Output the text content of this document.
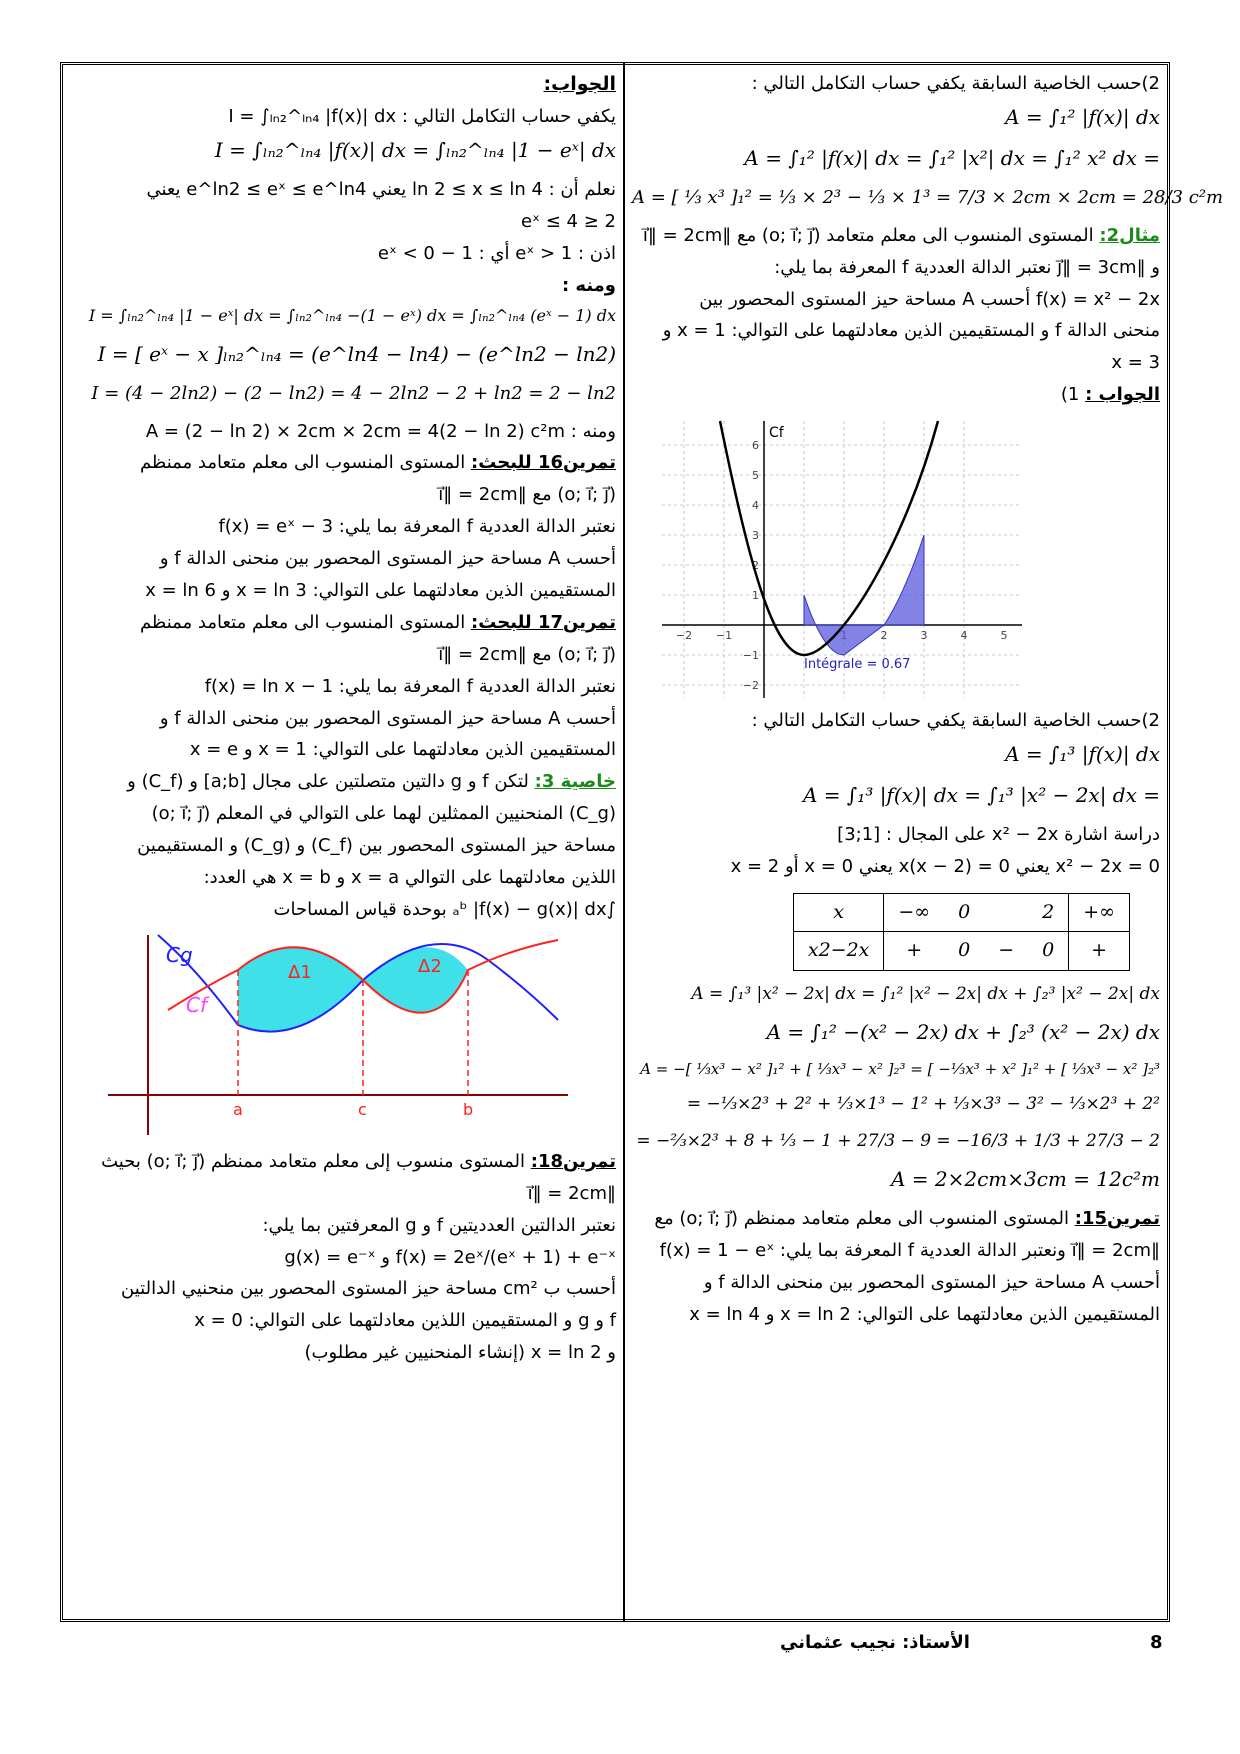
2)حسب الخاصية السابقة يكفي حساب التكامل التالي :

A = ∫₁² |f(x)| dx
A = ∫₁² |f(x)| dx = ∫₁² |x²| dx = ∫₁² x² dx =
A = [ ⅓ x³ ]₁² = ⅓ × 2³ − ⅓ × 1³ = 7/3 × 2cm × 2cm = 28/3 c²m

مثال2: المستوى المنسوب الى معلم متعامد (o; i⃗; j⃗) مع ‖i⃗‖ = 2cm

و ‖j⃗‖ = 3cm نعتبر الدالة العددية f المعرفة بما يلي:

f(x) = x² − 2x أحسب A مساحة حيز المستوى المحصور بين

منحنى الدالة f و المستقيمين الذين معادلتهما على التوالي: x = 1 و

x = 3

الجواب : 1)

−2 −1	2	3	4	5
6
5
4
3
2
1
−1
−2
Cf
Intégrale = 0.67

2)حسب الخاصية السابقة يكفي حساب التكامل التالي :

A = ∫₁³ |f(x)| dx
A = ∫₁³ |f(x)| dx = ∫₁³ |x² − 2x| dx =

دراسة اشارة x² − 2x على المجال : [1;3]

x² − 2x = 0 يعني x(x − 2) = 0 يعني x = 0 أو x = 2

x	−∞	0		2	+∞
x2−2x	+	0	−	0	+
A = ∫₁³ |x² − 2x| dx = ∫₁² |x² − 2x| dx + ∫₂³ |x² − 2x| dx
A = ∫₁² −(x² − 2x) dx + ∫₂³ (x² − 2x) dx
A = −[ ⅓x³ − x² ]₁² + [ ⅓x³ − x² ]₂³ = [ −⅓x³ + x² ]₁² + [ ⅓x³ − x² ]₂³
= −⅓×2³ + 2² + ⅓×1³ − 1² + ⅓×3³ − 3² − ⅓×2³ + 2²
= −⅔×2³ + 8 + ⅓ − 1 + 27/3 − 9 = −16/3 + 1/3 + 27/3 − 2
A = 2×2cm×3cm = 12c²m

تمرين15: المستوى المنسوب الى معلم متعامد ممنظم (o; i⃗; j⃗) مع

‖i⃗‖ = 2cm ونعتبر الدالة العددية f المعرفة بما يلي: f(x) = 1 − eˣ

أحسب A مساحة حيز المستوى المحصور بين منحنى الدالة f و

المستقيمين الذين معادلتهما على التوالي: x = ln 2 و x = ln 4

الجواب:

يكفي حساب التكامل التالي : I = ∫ₗₙ₂^ₗₙ₄ |f(x)| dx

I = ∫ₗₙ₂^ₗₙ₄ |f(x)| dx = ∫ₗₙ₂^ₗₙ₄ |1 − eˣ| dx

نعلم أن : ln 2 ≤ x ≤ ln 4 يعني e^ln2 ≤ eˣ ≤ e^ln4 يعني

2 ≤ eˣ ≤ 4

اذن : eˣ > 1 أي : 1 − eˣ < 0

ومنه :

I = ∫ₗₙ₂^ₗₙ₄ |1 − eˣ| dx = ∫ₗₙ₂^ₗₙ₄ −(1 − eˣ) dx = ∫ₗₙ₂^ₗₙ₄ (eˣ − 1) dx
I = [ eˣ − x ]ₗₙ₂^ₗₙ₄ = (e^ln4 − ln4) − (e^ln2 − ln2)
I = (4 − 2ln2) − (2 − ln2) = 4 − 2ln2 − 2 + ln2 = 2 − ln2

ومنه : A = (2 − ln 2) × 2cm × 2cm = 4(2 − ln 2) c²m

تمرين16 للبحث: المستوى المنسوب الى معلم متعامد ممنظم

(o; i⃗; j⃗) مع ‖i⃗‖ = 2cm

نعتبر الدالة العددية f المعرفة بما يلي: f(x) = eˣ − 3

أحسب A مساحة حيز المستوى المحصور بين منحنى الدالة f و

المستقيمين الذين معادلتهما على التوالي: x = ln 3 و x = ln 6

تمرين17 للبحث: المستوى المنسوب الى معلم متعامد ممنظم

(o; i⃗; j⃗) مع ‖i⃗‖ = 2cm

نعتبر الدالة العددية f المعرفة بما يلي: f(x) = ln x − 1

أحسب A مساحة حيز المستوى المحصور بين منحنى الدالة f و

المستقيمين الذين معادلتهما على التوالي: x = 1 و x = e

خاصية 3: لتكن f و g دالتين متصلتين على مجال [a;b] و (C_f) و

(C_g) المنحنيين الممثلين لهما على التوالي في المعلم (o; i⃗; j⃗)

مساحة حيز المستوى المحصور بين (C_f) و (C_g) و المستقيمين

اللذين معادلتهما على التوالي x = a و x = b هي العدد:

∫ₐᵇ |f(x) − g(x)| dx بوحدة قياس المساحات

Cg
Cf
Δ1	Δ2
a	c	b

تمرين18: المستوى منسوب إلى معلم متعامد ممنظم (o; i⃗; j⃗) بحيث

‖i⃗‖ = 2cm

نعتبر الدالتين العدديتين f و g المعرفتين بما يلي:

f(x) = 2eˣ/(eˣ + 1) + e⁻ˣ و g(x) = e⁻ˣ

أحسب ب cm² مساحة حيز المستوى المحصور بين منحنيي الدالتين

f و g و المستقيمين اللذين معادلتهما على التوالي: x = 0

و x = ln 2 (إنشاء المنحنيين غير مطلوب)

8
الأستاذ: نجيب عثماني
